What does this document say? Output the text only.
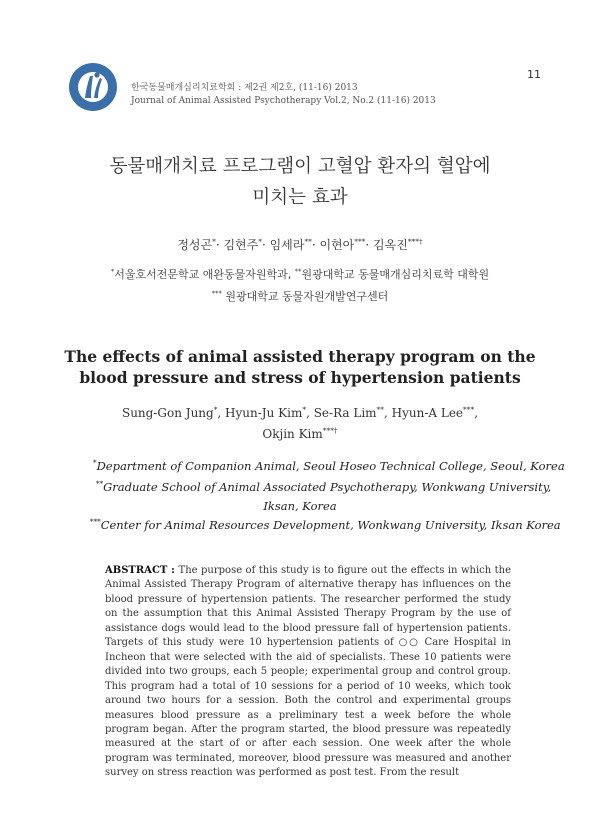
한국동물매개심리치료학회 : 제2권 제2호, (11-16) 2013
Journal of Animal Assisted Psychotherapy Vol.2, No.2 (11-16) 2013
11
동물매개치료 프로그램이 고혈압 환자의 혈압에
미치는 효과
정성곤*· 김현주*· 임세라**· 이현아***· 김옥진***†
*서울호서전문학교 애완동물자원학과, **원광대학교 동물매개심리치료학 대학원
*** 원광대학교 동물자원개발연구센터
The effects of animal assisted therapy program on the blood pressure and stress of hypertension patients
Sung-Gon Jung*, Hyun-Ju Kim*, Se-Ra Lim**, Hyun-A Lee***,
Okjin Kim***†
*Department of Companion Animal, Seoul Hoseo Technical College, Seoul, Korea
**Graduate School of Animal Associated Psychotherapy, Wonkwang University,
Iksan, Korea
***Center for Animal Resources Development, Wonkwang University, Iksan Korea
ABSTRACT : The purpose of this study is to figure out the effects in which the Animal Assisted Therapy Program of alternative therapy has influences on the blood pressure of hypertension patients. The researcher performed the study on the assumption that this Animal Assisted Therapy Program by the use of assistance dogs would lead to the blood pressure fall of hypertension patients. Targets of this study were 10 hypertension patients of ○○ Care Hospital in Incheon that were selected with the aid of specialists. These 10 patients were divided into two groups, each 5 people; experimental group and control group. This program had a total of 10 sessions for a period of 10 weeks, which took around two hours for a session. Both the control and experimental groups measures blood pressure as a preliminary test a week before the whole program began. After the program started, the blood pressure was repeatedly measured at the start of or after each session. One week after the whole program was terminated, moreover, blood pressure was measured and another survey on stress reaction was performed as post test. From the result
